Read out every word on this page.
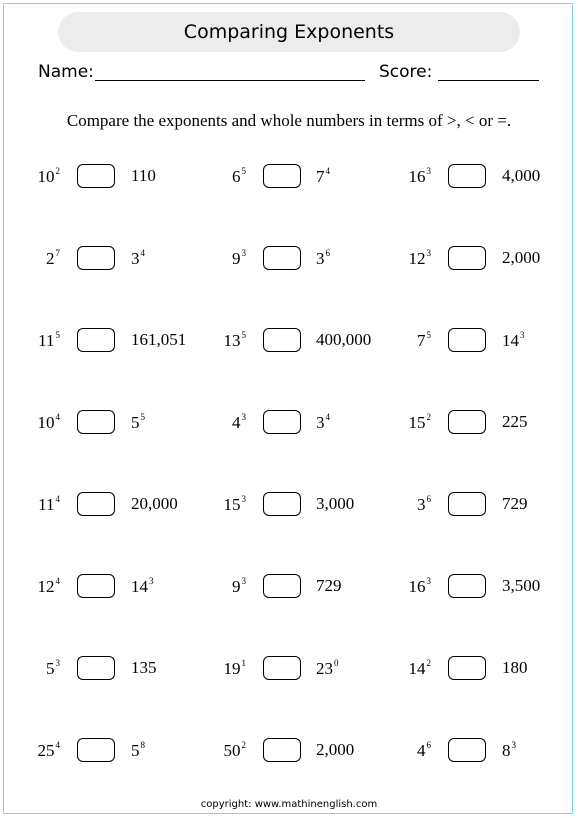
Comparing Exponents
Name:	Score:
Compare the exponents and whole numbers in terms of >, < or =.
$10^2$	110	$6^5$	$7^4$	$16^3$	4,000
$2^7$	$3^4$	$9^3$	$3^6$	$12^3$	2,000
$11^5$	161,051 $13^5$	400,000	$7^5$	$14^3$
$10^4$	$5^5$	$4^3$	$3^4$	$15^2$	225
$11^4$	20,000	$15^3$	3,000	$3^6$	729
$12^4$	$14^3$	$9^3$	729	$16^3$	3,500
$5^3$	135	$19^1$	$23^0$	$14^2$	180
$25^4$	$5^8$	$50^2$	2,000	$4^6$	$8^3$
copyright: www.mathinenglish.com
